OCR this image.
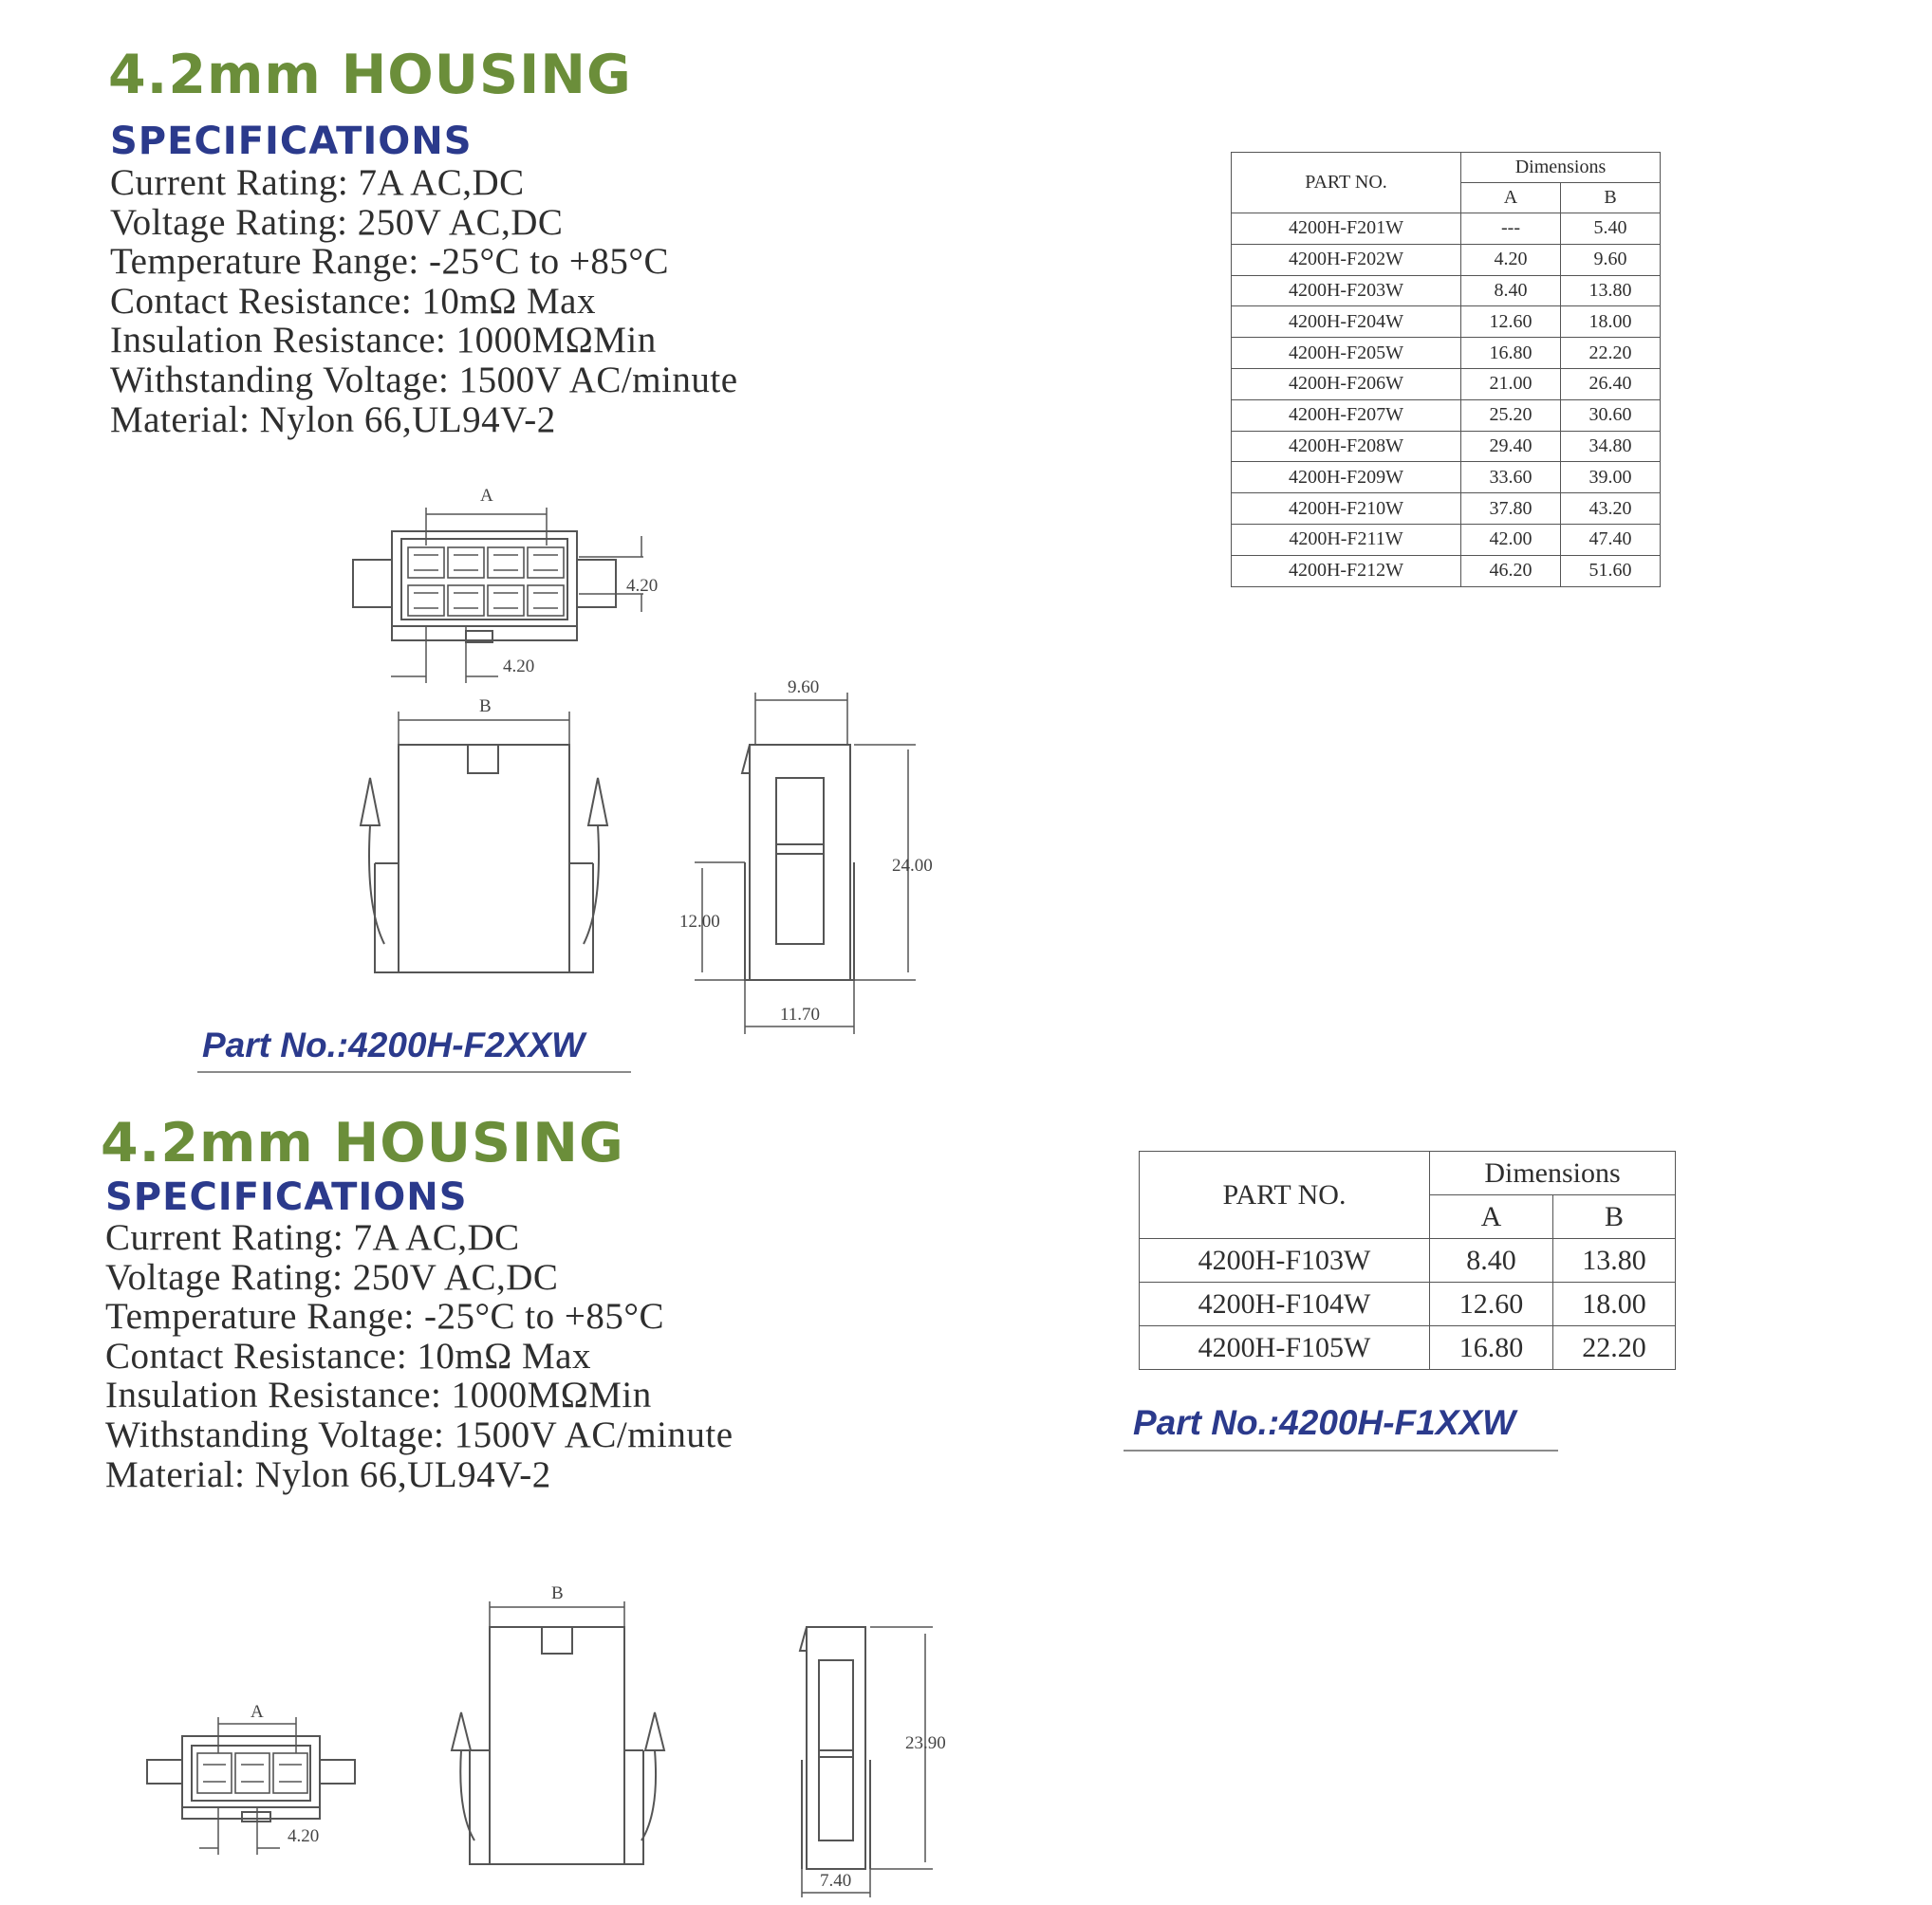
4.2mm HOUSING
SPECIFICATIONS
Current Rating: 7A AC,DC
Voltage Rating: 250V AC,DC
Temperature Range: -25°C to +85°C
Contact Resistance: 10mΩ Max
Insulation Resistance: 1000MΩMin
Withstanding Voltage: 1500V AC/minute
Material: Nylon 66,UL94V-2
PART NO.	Dimensions	
	A	B
4200H-F201W	---	5.40
4200H-F202W	4.20	9.60
4200H-F203W	8.40	13.80
4200H-F204W	12.60	18.00
4200H-F205W	16.80	22.20
4200H-F206W	21.00	26.40
4200H-F207W	25.20	30.60
4200H-F208W	29.40	34.80
4200H-F209W	33.60	39.00
4200H-F210W	37.80	43.20
4200H-F211W	42.00	47.40
4200H-F212W	46.20	51.60
A
4.20
4.20
B
9.60
24.00
12.00
11.70
Part No.:4200H-F2XXW
4.2mm HOUSING
SPECIFICATIONS
Current Rating: 7A AC,DC
Voltage Rating: 250V AC,DC
Temperature Range: -25°C to +85°C
Contact Resistance: 10mΩ Max
Insulation Resistance: 1000MΩMin
Withstanding Voltage: 1500V AC/minute
Material: Nylon 66,UL94V-2
PART NO.	Dimensions	
	A	B
4200H-F103W	8.40	13.80
4200H-F104W	12.60	18.00
4200H-F105W	16.80	22.20
Part No.:4200H-F1XXW
A
4.20
B
23.90
7.40
